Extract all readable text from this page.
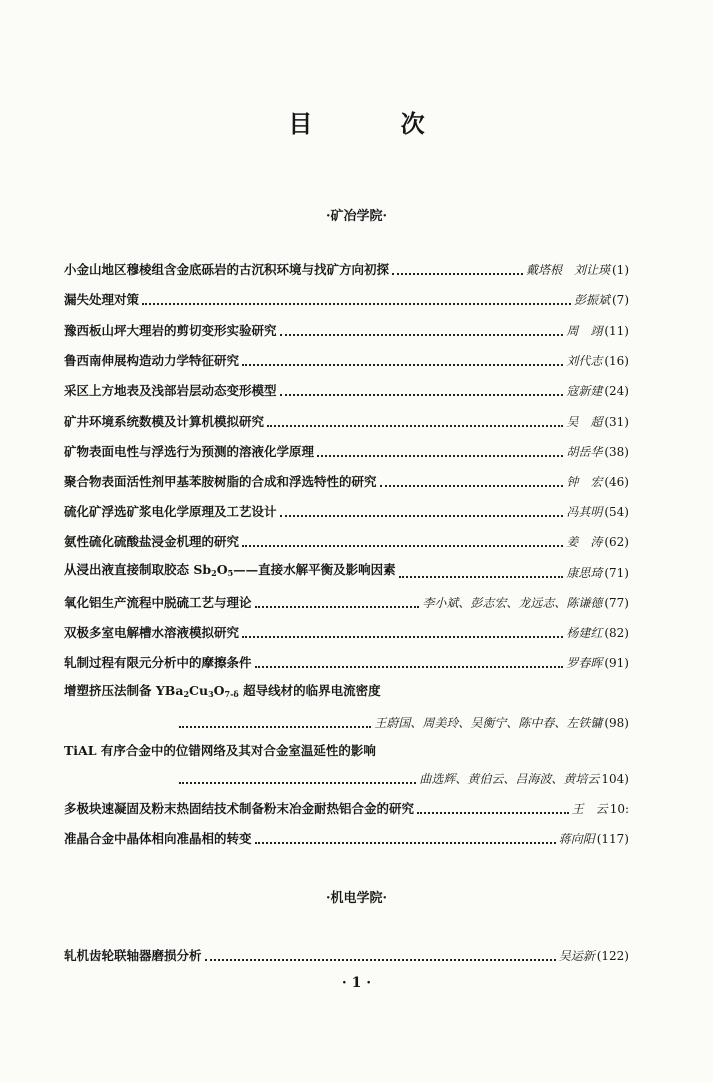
目 次
·矿冶学院·
小金山地区穆棱组含金底砾岩的古沉积环境与找矿方向初探	戴塔根　刘让瑛 (1)
漏失处理对策	彭振斌 (7)
豫西板山坪大理岩的剪切变形实验研究	周　翊 (11)
鲁西南伸展构造动力学特征研究	刘代志 (16)
采区上方地表及浅部岩层动态变形模型	寇新建 (24)
矿井环境系统数模及计算机模拟研究	吴　超 (31)
矿物表面电性与浮选行为预测的溶液化学原理	胡岳华 (38)
聚合物表面活性剂甲基苯胺树脂的合成和浮选特性的研究	钟　宏 (46)
硫化矿浮选矿浆电化学原理及工艺设计	冯其明 (54)
氨性硫化硫酸盐浸金机理的研究	姜　涛 (62)
从浸出液直接制取胶态 $Sb_2O_5——$直接水解平衡及影响因素	康思琦 (71)
氧化铝生产流程中脱硫工艺与理论	李小斌、彭志宏、龙远志、陈谦德 (77)
双极多室电解槽水溶液模拟研究	杨建红 (82)
轧制过程有限元分析中的摩擦条件	罗春晖 (91)
增塑挤压法制备 $YBa_2Cu_3O_{7-\delta}$ 超导线材的临界电流密度
王蔚国、周美玲、吴衡宁、陈中春、左铁镛 (98)
TiAL 有序合金中的位错网络及其对合金室温延性的影响
曲选辉、黄伯云、吕海波、黄培云 104)
多极块速凝固及粉末热固结技术制备粉末冶金耐热铝合金的研究	王　云 10:
准晶合金中晶体相向准晶相的转变	蒋向阳 (117)
·机电学院·
轧机齿轮联轴器磨损分析	吴运新 (122)
· 1 ·
